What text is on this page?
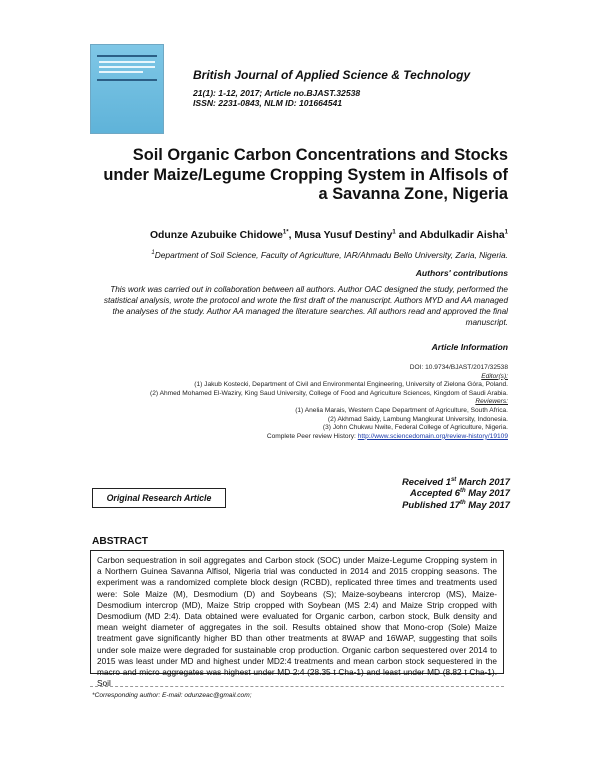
British Journal of Applied Science & Technology
21(1): 1-12, 2017; Article no.BJAST.32538
ISSN: 2231-0843, NLM ID: 101664541
Soil Organic Carbon Concentrations and Stocks under Maize/Legume Cropping System in Alfisols of a Savanna Zone, Nigeria
Odunze Azubuike Chidowe$^{1*}$, Musa Yusuf Destiny$^1$ and Abdulkadir Aisha$^1$
$^1$Department of Soil Science, Faculty of Agriculture, IAR/Ahmadu Bello University, Zaria, Nigeria.
Authors' contributions
This work was carried out in collaboration between all authors. Author OAC designed the study, performed the statistical analysis, wrote the protocol and wrote the first draft of the manuscript. Authors MYD and AA managed the analyses of the study. Author AA managed the literature searches. All authors read and approved the final manuscript.
Article Information
DOI: 10.9734/BJAST/2017/32538
Editor(s):
(1) Jakub Kostecki, Department of Civil and Environmental Engineering, University of Zielona Góra, Poland.
(2) Ahmed Mohamed El-Waziry, King Saud University, College of Food and Agriculture Sciences, Kingdom of Saudi Arabia.
Reviewers:
(1) Anelia Marais, Western Cape Department of Agriculture, South Africa.
(2) Akhmad Saidy, Lambung Mangkurat University, Indonesia.
(3) John Chukwu Nwite, Federal College of Agriculture, Nigeria.
Complete Peer review History: http://www.sciencedomain.org/review-history/19109
Original Research Article
Received 1st March 2017
Accepted 6th May 2017
Published 17th May 2017
ABSTRACT

Carbon sequestration in soil aggregates and Carbon stock (SOC) under Maize-Legume Cropping system in a Northern Guinea Savanna Alfisol, Nigeria trial was conducted in 2014 and 2015 cropping seasons. The experiment was a randomized complete block design (RCBD), replicated three times and treatments used were: Sole Maize (M), Desmodium (D) and Soybeans (S); Maize-soybeans intercrop (MS), Maize-Desmodium intercrop (MD), Maize Strip cropped with Soybean (MS 2:4) and Maize Strip cropped with Desmodium (MD 2:4). Data obtained were evaluated for Organic carbon, carbon stock, Bulk density and mean weight diameter of aggregates in the soil. Results obtained show that Mono-crop (Sole) Maize treatment gave significantly higher BD than other treatments at 8WAP and 16WAP, suggesting that soils under sole maize were degraded for sustainable crop production. Organic carbon sequestered over 2014 to 2015 was least under MD and highest under MD2:4 treatments and mean carbon stock sequestered in the macro and micro aggregates was highest under MD 2:4 (28.35 t Cha-1) and least under MD (8.82 t Cha-1). Soil

*Corresponding author: E-mail: odunzeac@gmail.com;
